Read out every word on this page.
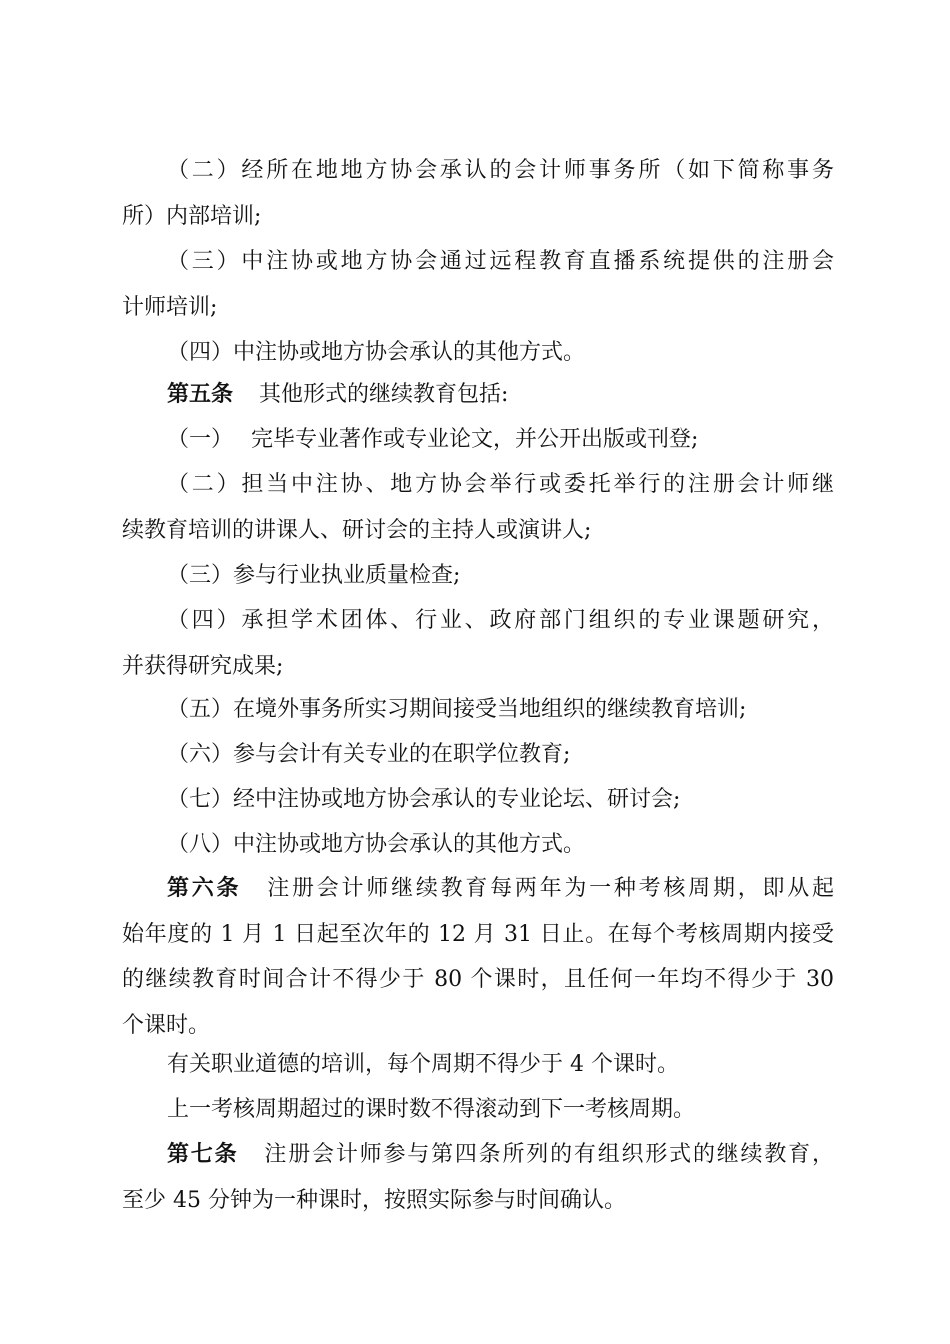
（二）经所在地地方协会承认的会计师事务所（如下简称事务
所）内部培训;
（三）中注协或地方协会通过远程教育直播系统提供的注册会
计师培训;
（四）中注协或地方协会承认的其他方式。
第五条 其他形式的继续教育包括:
（一） 完毕专业著作或专业论文，并公开出版或刊登;
（二）担当中注协、地方协会举行或委托举行的注册会计师继
续教育培训的讲课人、研讨会的主持人或演讲人;
（三）参与行业执业质量检查;
（四）承担学术团体、行业、政府部门组织的专业课题研究，
并获得研究成果;
（五）在境外事务所实习期间接受当地组织的继续教育培训;
（六）参与会计有关专业的在职学位教育;
（七）经中注协或地方协会承认的专业论坛、研讨会;
（八）中注协或地方协会承认的其他方式。
第六条 注册会计师继续教育每两年为一种考核周期，即从起
始年度的 1 月 1 日起至次年的 12 月 31 日止。在每个考核周期内接受
的继续教育时间合计不得少于 80 个课时，且任何一年均不得少于 30
个课时。
有关职业道德的培训，每个周期不得少于 4 个课时。
上一考核周期超过的课时数不得滚动到下一考核周期。
第七条 注册会计师参与第四条所列的有组织形式的继续教育，
至少 45 分钟为一种课时，按照实际参与时间确认。
